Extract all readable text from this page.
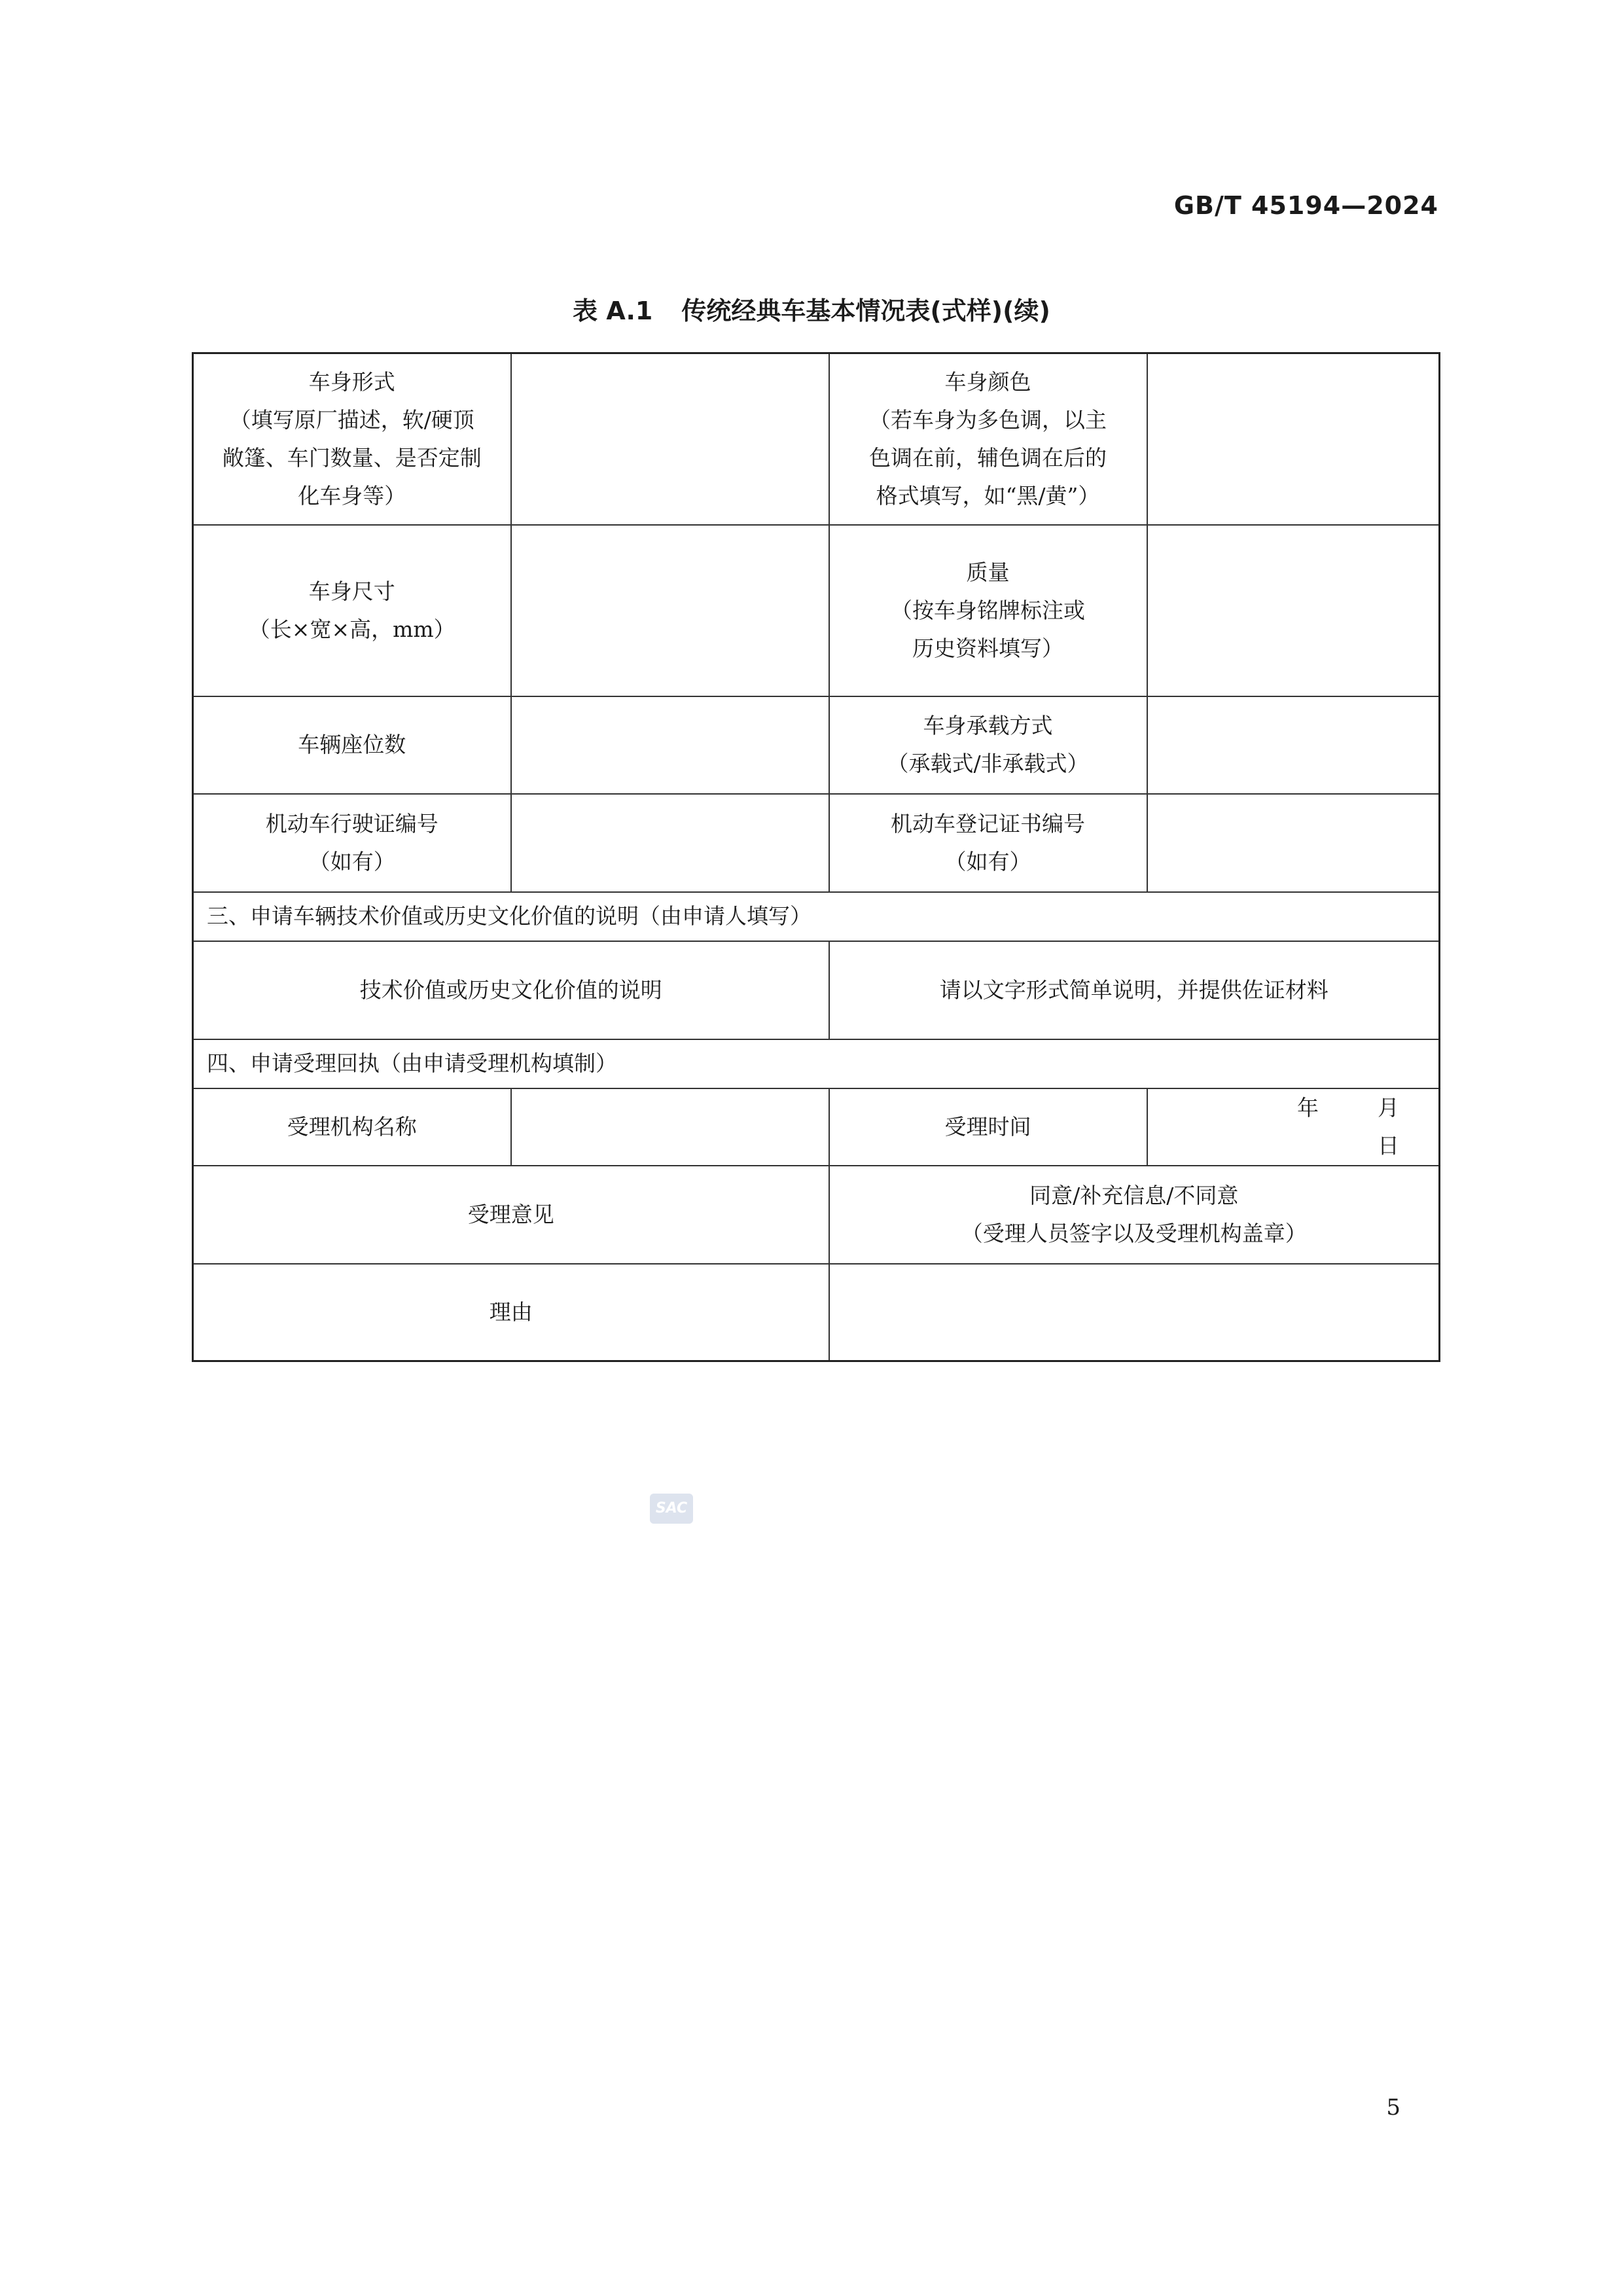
GB/T 45194—2024
表 A.1 传统经典车基本情况表(式样)(续)
车身形式
（填写原厂描述，软/硬顶
敞篷、车门数量、是否定制
化车身等）		车身颜色
（若车身为多色调，以主
色调在前，辅色调在后的
格式填写，如“黑/黄”）	

车身尺寸
（长×宽×高，mm）		质量
（按车身铭牌标注或
历史资料填写）	

车辆座位数		车身承载方式
（承载式/非承载式）	

机动车行驶证编号
（如有）		机动车登记证书编号
（如有）	

三、申请车辆技术价值或历史文化价值的说明（由申请人填写）			
技术价值或历史文化价值的说明		请以文字形式简单说明，并提供佐证材料	
四、申请受理回执（由申请受理机构填制）			
受理机构名称		受理时间	年 月日
受理意见		同意/补充信息/不同意
（受理人员签字以及受理机构盖章）	

理由			
SAC
5
